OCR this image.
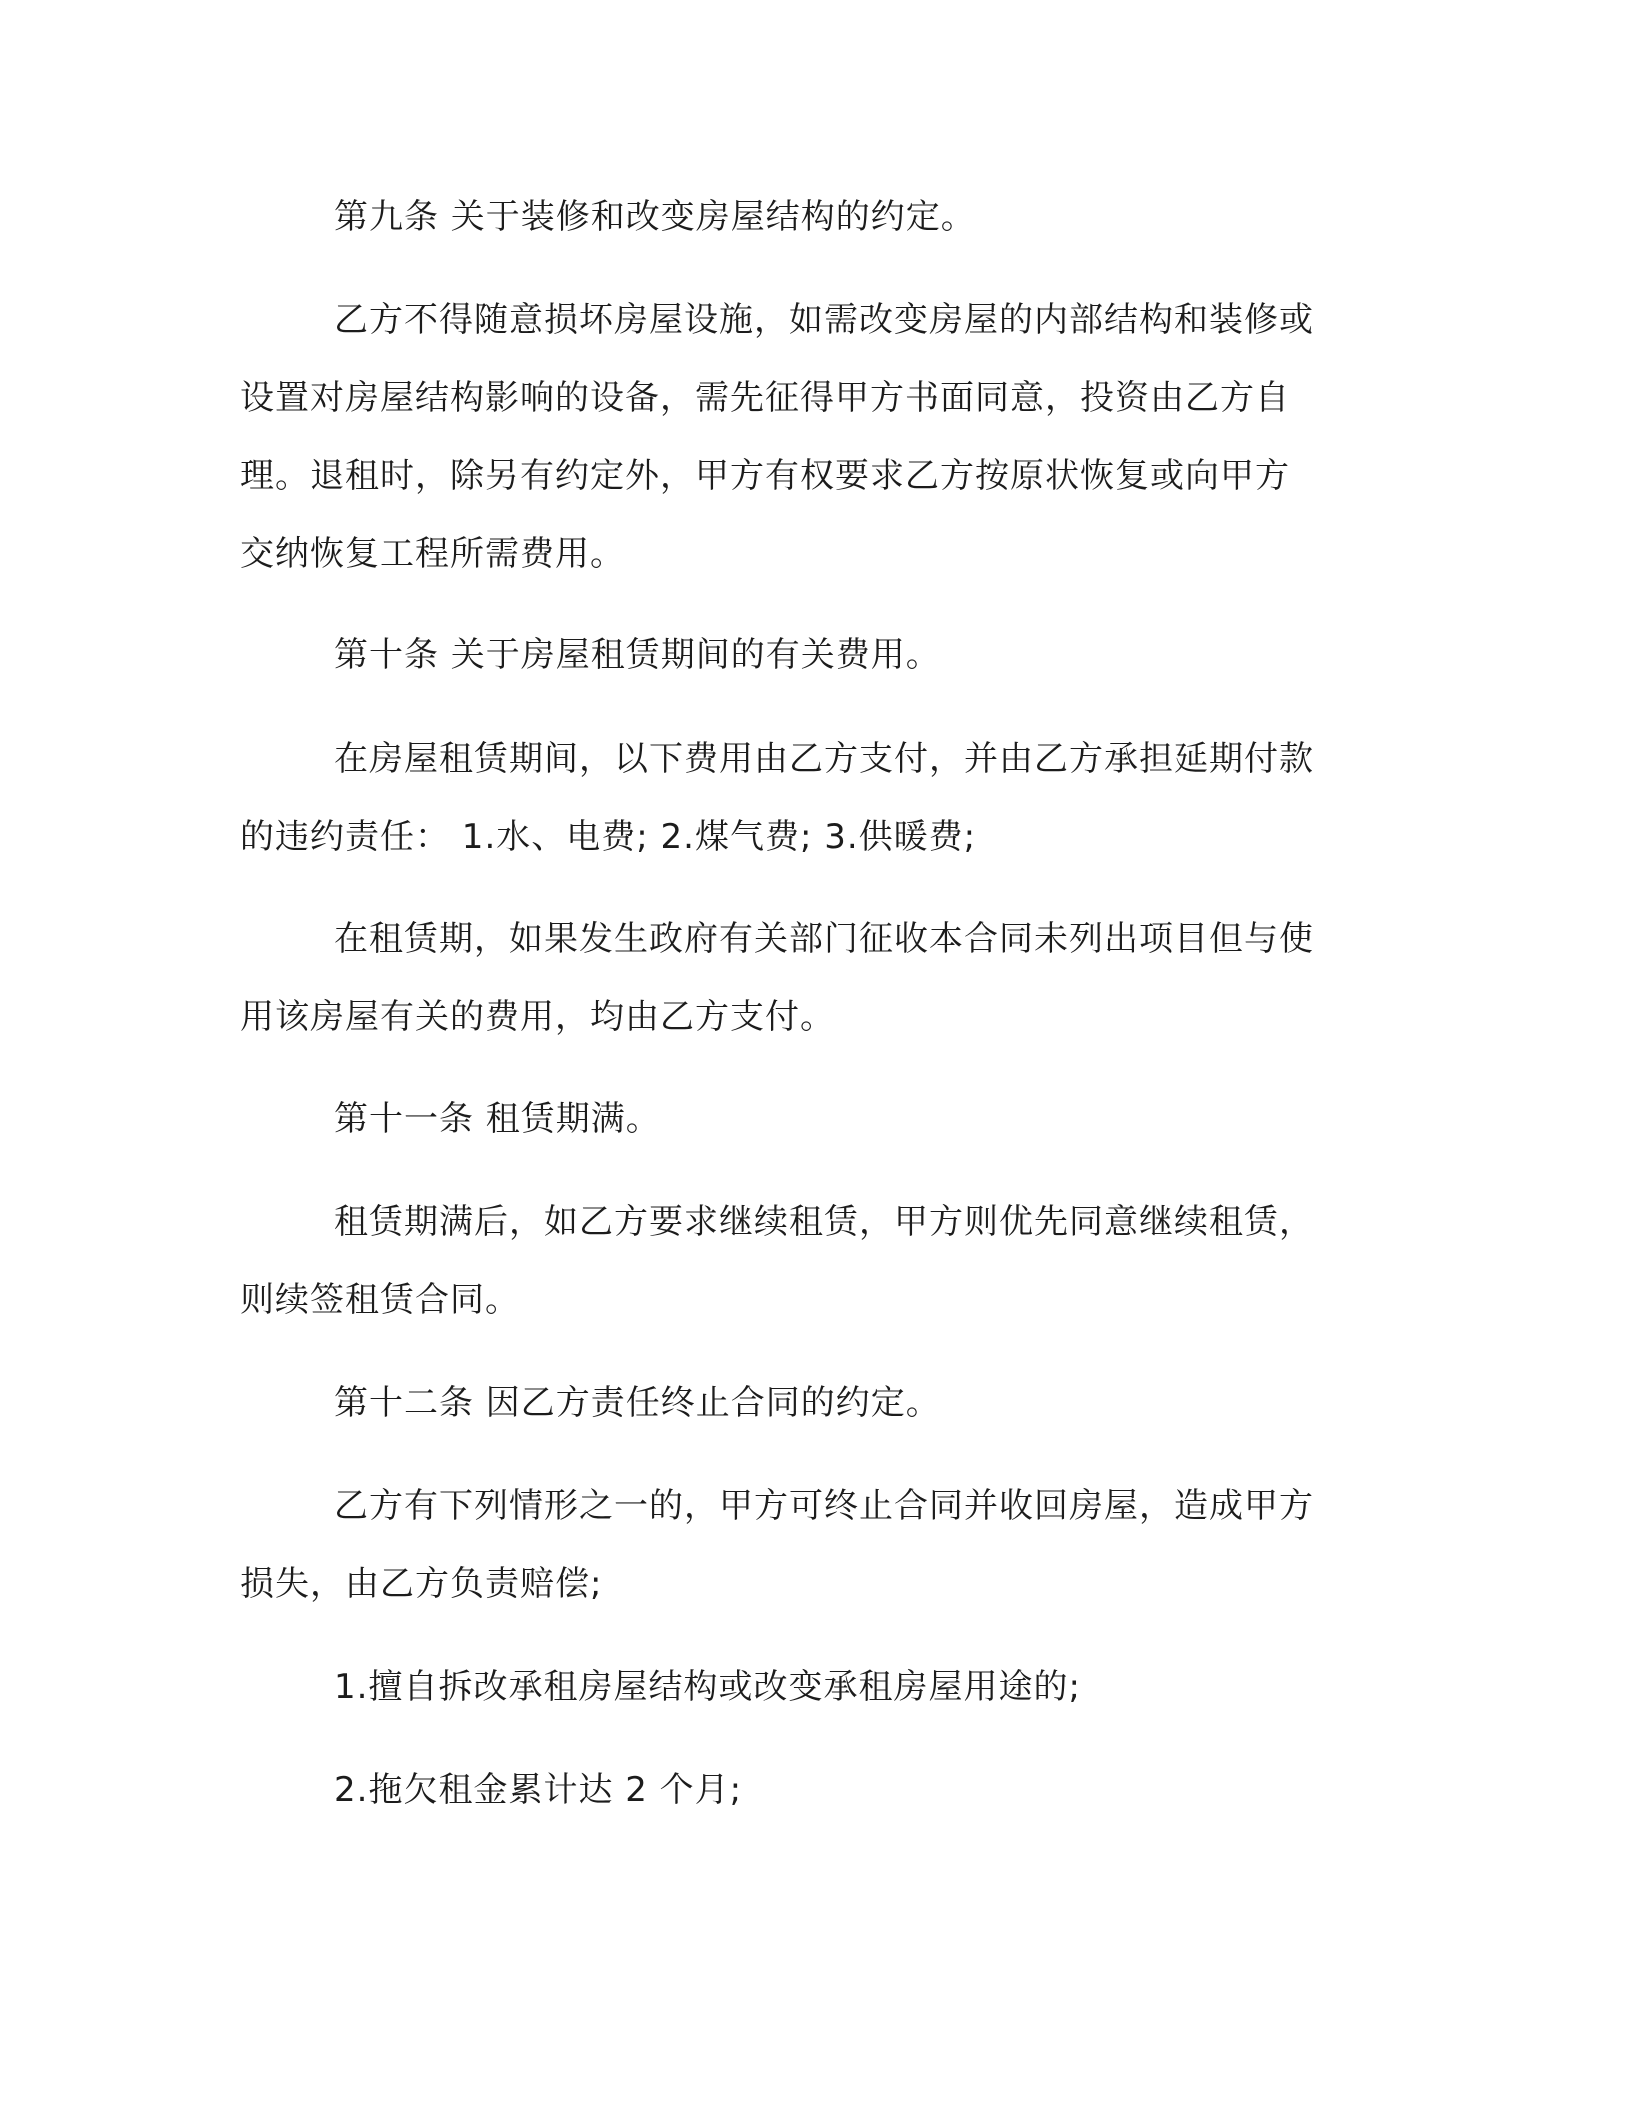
第九条 关于装修和改变房屋结构的约定。
乙方不得随意损坏房屋设施，如需改变房屋的内部结构和装修或
设置对房屋结构影响的设备，需先征得甲方书面同意，投资由乙方自
理。退租时，除另有约定外，甲方有权要求乙方按原状恢复或向甲方
交纳恢复工程所需费用。
第十条 关于房屋租赁期间的有关费用。
在房屋租赁期间，以下费用由乙方支付，并由乙方承担延期付款
的违约责任： 1.水、电费; 2.煤气费; 3.供暖费;
在租赁期，如果发生政府有关部门征收本合同未列出项目但与使
用该房屋有关的费用，均由乙方支付。
第十一条 租赁期满。
租赁期满后，如乙方要求继续租赁，甲方则优先同意继续租赁，
则续签租赁合同。
第十二条 因乙方责任终止合同的约定。
乙方有下列情形之一的，甲方可终止合同并收回房屋，造成甲方
损失，由乙方负责赔偿;
1.擅自拆改承租房屋结构或改变承租房屋用途的;
2.拖欠租金累计达 2 个月;
